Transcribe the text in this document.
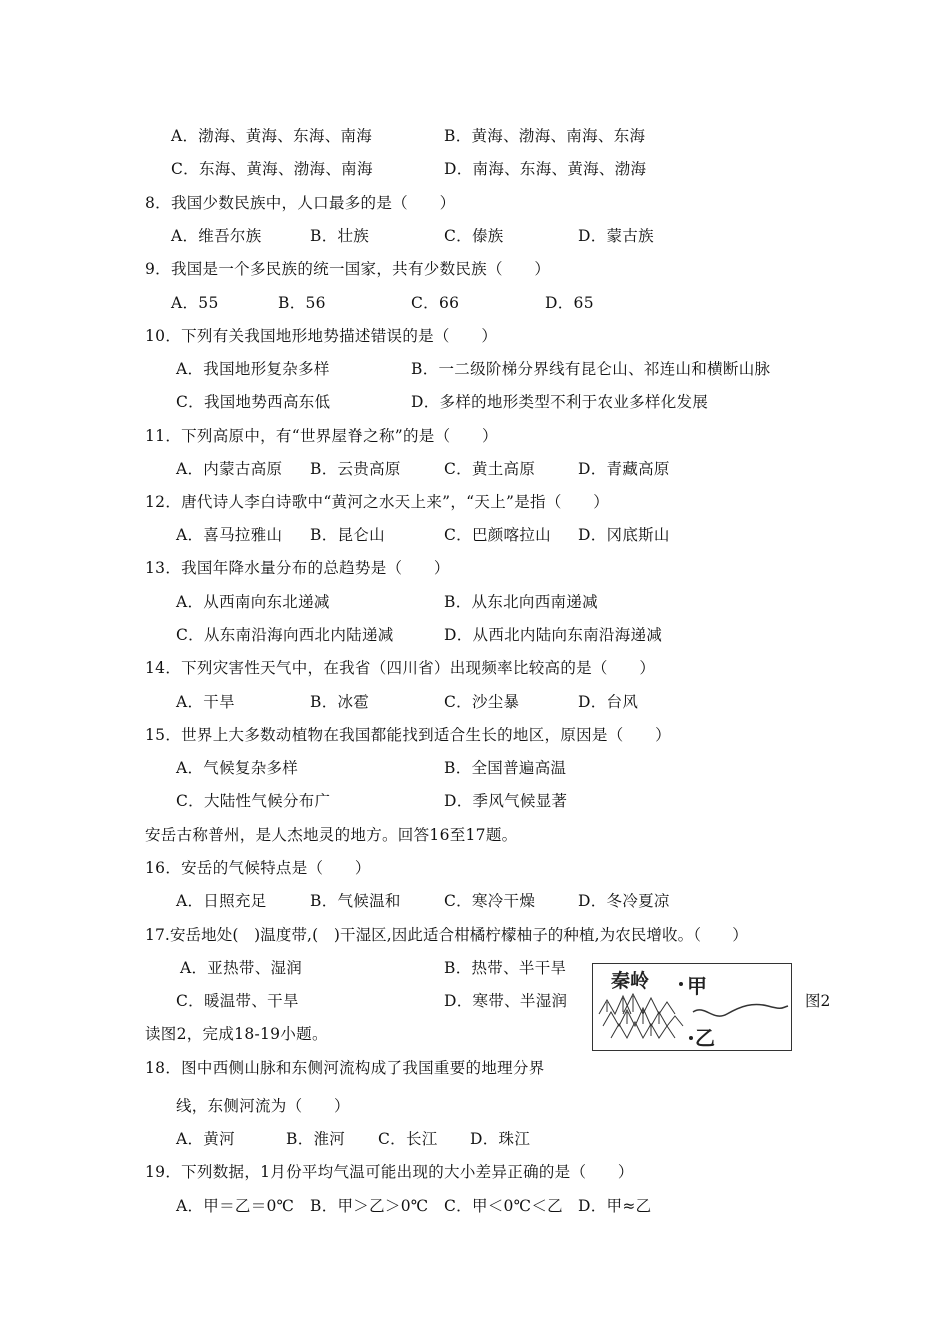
A．渤海、黄海、东海、南海	B．黄海、渤海、南海、东海
C．东海、黄海、渤海、南海	D．南海、东海、黄海、渤海
8．我国少数民族中，人口最多的是（　　）
A．维吾尔族	B．壮族	C．傣族	D．蒙古族
9．我国是一个多民族的统一国家，共有少数民族（　　）
A．55	B．56	C．66	D．65
10．下列有关我国地形地势描述错误的是（　　）
A．我国地形复杂多样	B．一二级阶梯分界线有昆仑山、祁连山和横断山脉
C．我国地势西高东低	D．多样的地形类型不利于农业多样化发展
11．下列高原中，有“世界屋脊之称”的是（　　）
A．内蒙古高原 B．云贵高原	C．黄土高原	D．青藏高原
12．唐代诗人李白诗歌中“黄河之水天上来”，“天上”是指（　　）
A．喜马拉雅山 B．昆仑山	C．巴颜喀拉山 D．冈底斯山
13．我国年降水量分布的总趋势是（　　）
A．从西南向东北递减	B．从东北向西南递减
C．从东南沿海向西北内陆递减	D．从西北内陆向东南沿海递减
14．下列灾害性天气中，在我省（四川省）出现频率比较高的是（　　）
A．干旱	B．冰雹	C．沙尘暴	D．台风
15．世界上大多数动植物在我国都能找到适合生长的地区，原因是（　　）
A．气候复杂多样	B．全国普遍高温
C．大陆性气候分布广	D．季风气候显著
安岳古称普州，是人杰地灵的地方。回答16至17题。
16．安岳的气候特点是（　　）
A．日照充足	B．气候温和	C．寒冷干燥	D．冬冷夏凉
17.安岳地处(　)温度带,(　)干湿区,因此适合柑橘柠檬柚子的种植,为农民增收。（　　）
A．亚热带、湿润	B．热带、半干旱
C．暖温带、干旱	D．寒带、半湿润
秦岭 甲
乙
图2
读图2，完成18-19小题。
18．图中西侧山脉和东侧河流构成了我国重要的地理分界
线，东侧河流为（　　）
A．黄河	B．淮河 C．长江 D．珠江
19．下列数据，1月份平均气温可能出现的大小差异正确的是（　　）
A．甲＝乙＝0℃ B．甲＞乙＞0℃ C．甲＜0℃＜乙 D．甲≈乙
